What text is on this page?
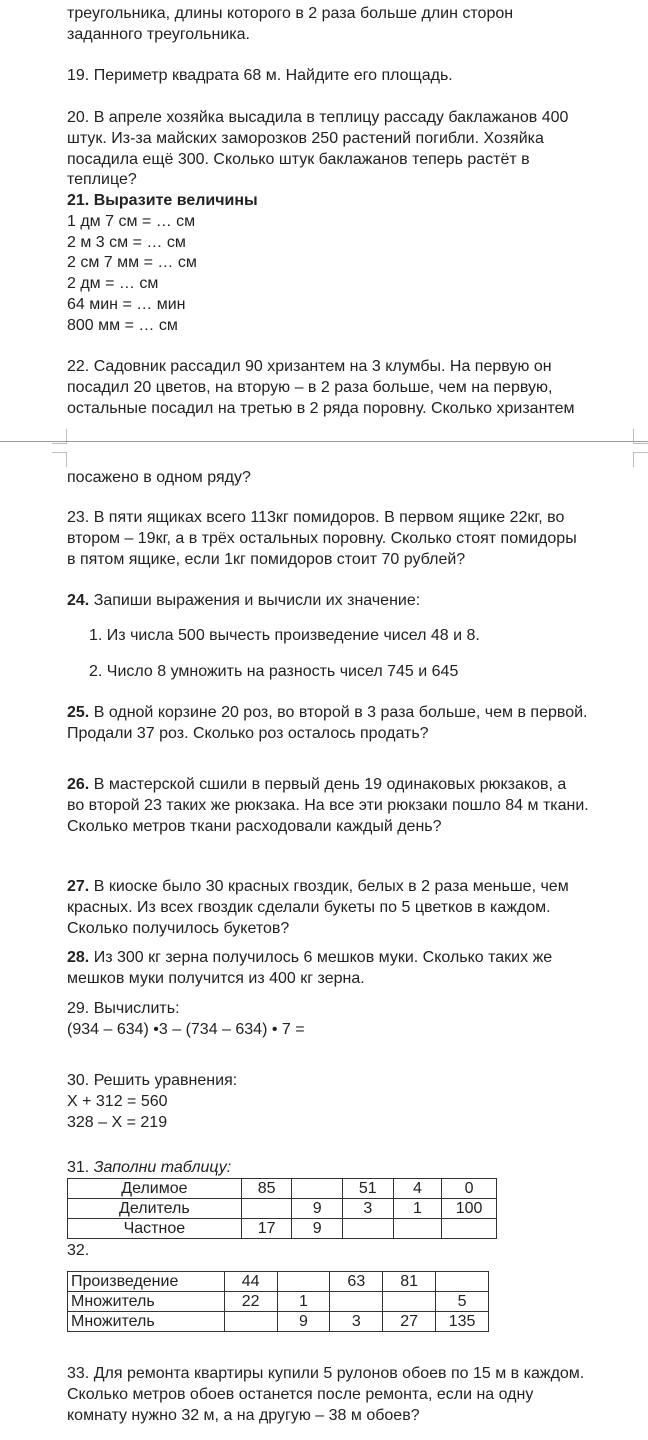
треугольника, длины которого в 2 раза больше длин сторон

заданного треугольника.

19. Периметр квадрата 68 м. Найдите его площадь.

20. В апреле хозяйка высадила в теплицу рассаду баклажанов 400

штук. Из-за майских заморозков 250 растений погибли. Хозяйка

посадила ещё 300. Сколько штук баклажанов теперь растёт в

теплице?

21. Выразите величины

1 дм 7 см = … см

2 м 3 см = … см

2 см 7 мм = … см

2 дм = … см

64 мин = … мин

800 мм = … см

22. Садовник рассадил 90 хризантем на 3 клумбы. На первую он

посадил 20 цветов, на вторую – в 2 раза больше, чем на первую,

остальные посадил на третью в 2 ряда поровну. Сколько хризантем

посажено в одном ряду?

23. В пяти ящиках всего 113кг помидоров. В первом ящике 22кг, во

втором – 19кг, а в трёх остальных поровну. Сколько стоят помидоры

в пятом ящике, если 1кг помидоров стоит 70 рублей?

24. Запиши выражения и вычисли их значение:

1. Из числа 500 вычесть произведение чисел 48 и 8.

2. Число 8 умножить на разность чисел 745 и 645

25. В одной корзине 20 роз, во второй в 3 раза больше, чем в первой.

Продали 37 роз. Сколько роз осталось продать?

26. В мастерской сшили в первый день 19 одинаковых рюкзаков, а

во второй 23 таких же рюкзака. На все эти рюкзаки пошло 84 м ткани.

Сколько метров ткани расходовали каждый день?

27. В киоске было 30 красных гвоздик, белых в 2 раза меньше, чем

красных. Из всех гвоздик сделали букеты по 5 цветков в каждом.

Сколько получилось букетов?

28. Из 300 кг зерна получилось 6 мешков муки. Сколько таких же

мешков муки получится из 400 кг зерна.

29. Вычислить:

(934 – 634) •3 – (734 – 634) • 7 =

30. Решить уравнения:

Х + 312 = 560

328 – Х = 219

31. Заполни таблицу:

Делимое	85		51	4	0
Делитель		9	3	1	100
Частное	17	9			

32.

Произведение	44		63	81	
Множитель	22	1			5
Множитель		9	3	27	135

33. Для ремонта квартиры купили 5 рулонов обоев по 15 м в каждом.

Сколько метров обоев останется после ремонта, если на одну

комнату нужно 32 м, а на другую – 38 м обоев?
